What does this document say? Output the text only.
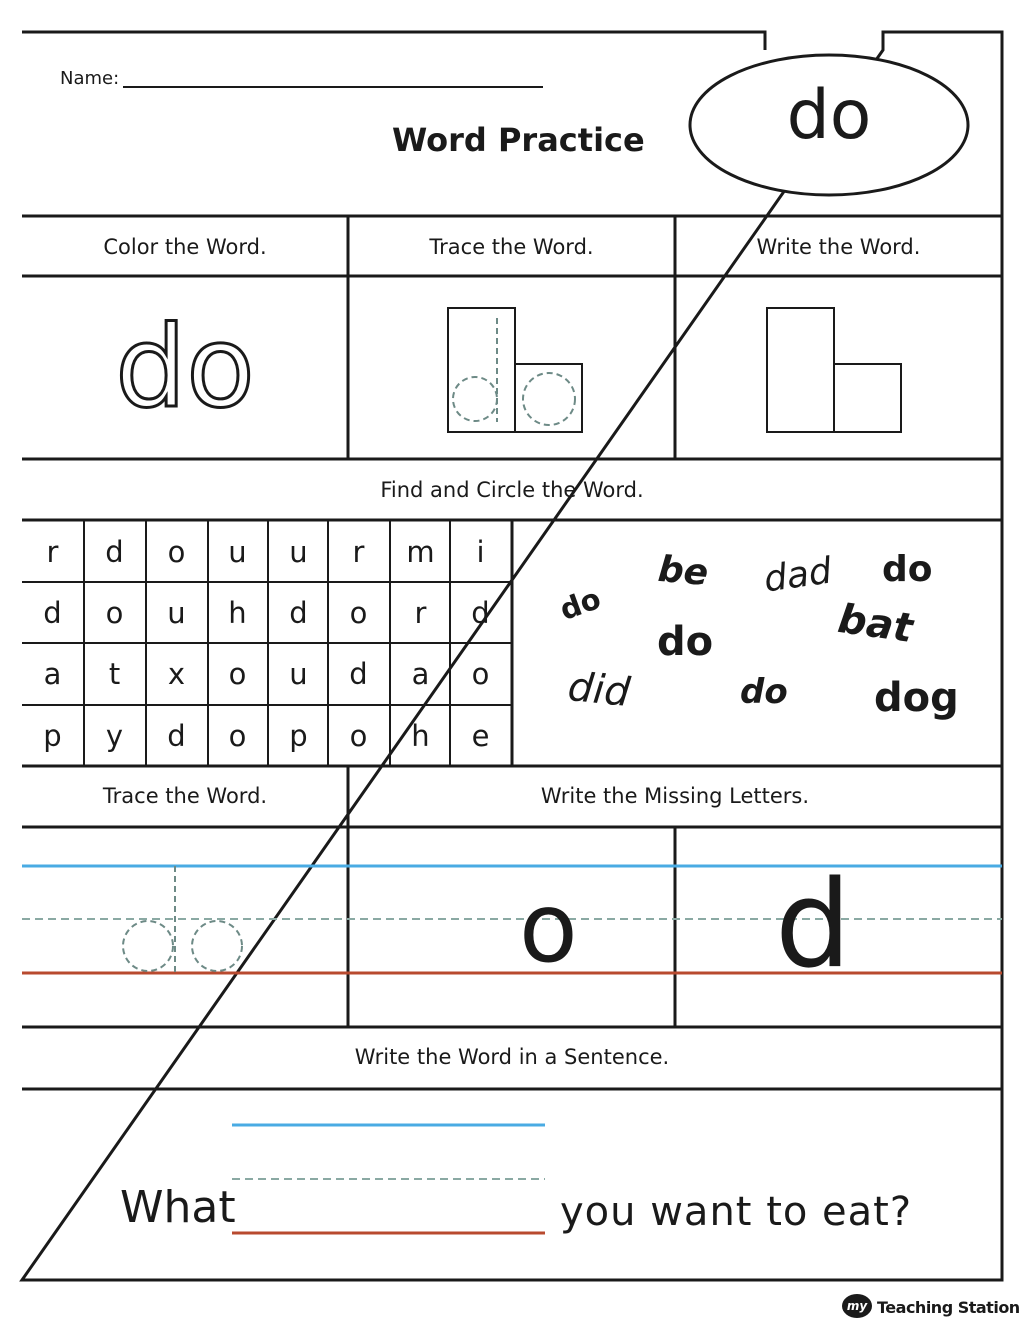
Name:
Word Practice	do
Color the Word.	Trace the Word.	Write the Word.
Find and Circle the Word.
Trace the Word.	Write the Missing Letters.
Write the Word in a Sentence.
do
r	d	o	u	u	r	m	i
d	o	u	h	d	o	r	d
a	t	x	o	u	d	a	o
p	y	d	o	p	o	h	e
be dad do
do	bat
do
did	do dog
o d
What	you want to eat?
my Teaching Station
